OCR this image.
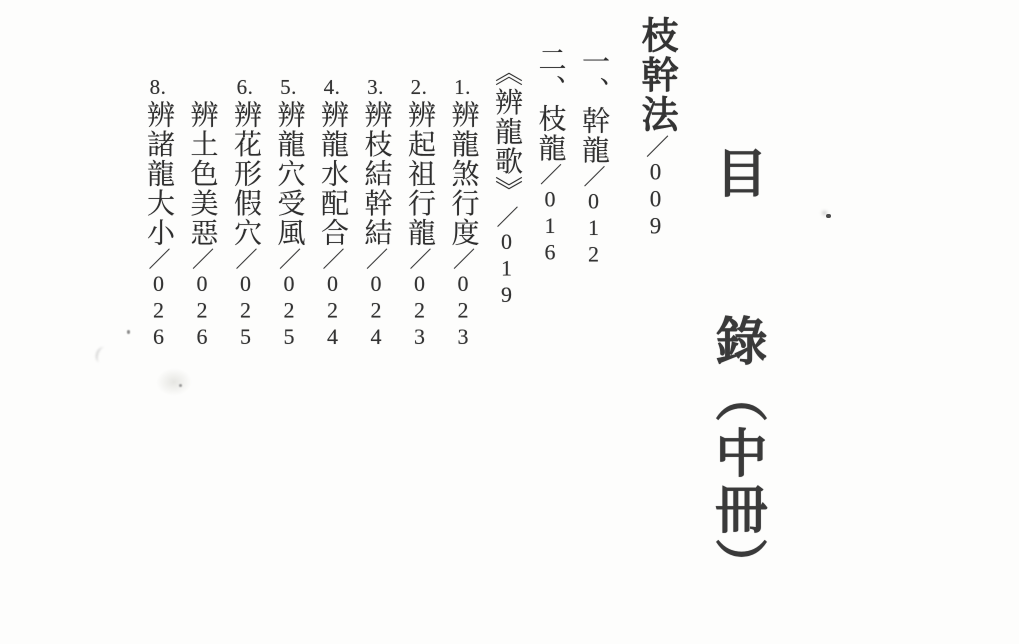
目　　錄（中冊）
枝幹法／009
一、幹龍／012
二、枝龍／016
《辨龍歌》／019
1.辨龍煞行度／023
2.辨起祖行龍／023
3.辨枝結幹結／024
4.辨龍水配合／024
5.辨龍穴受風／025
6.辨花形假穴／025
辨土色美惡／026
8.辨諸龍大小／026
